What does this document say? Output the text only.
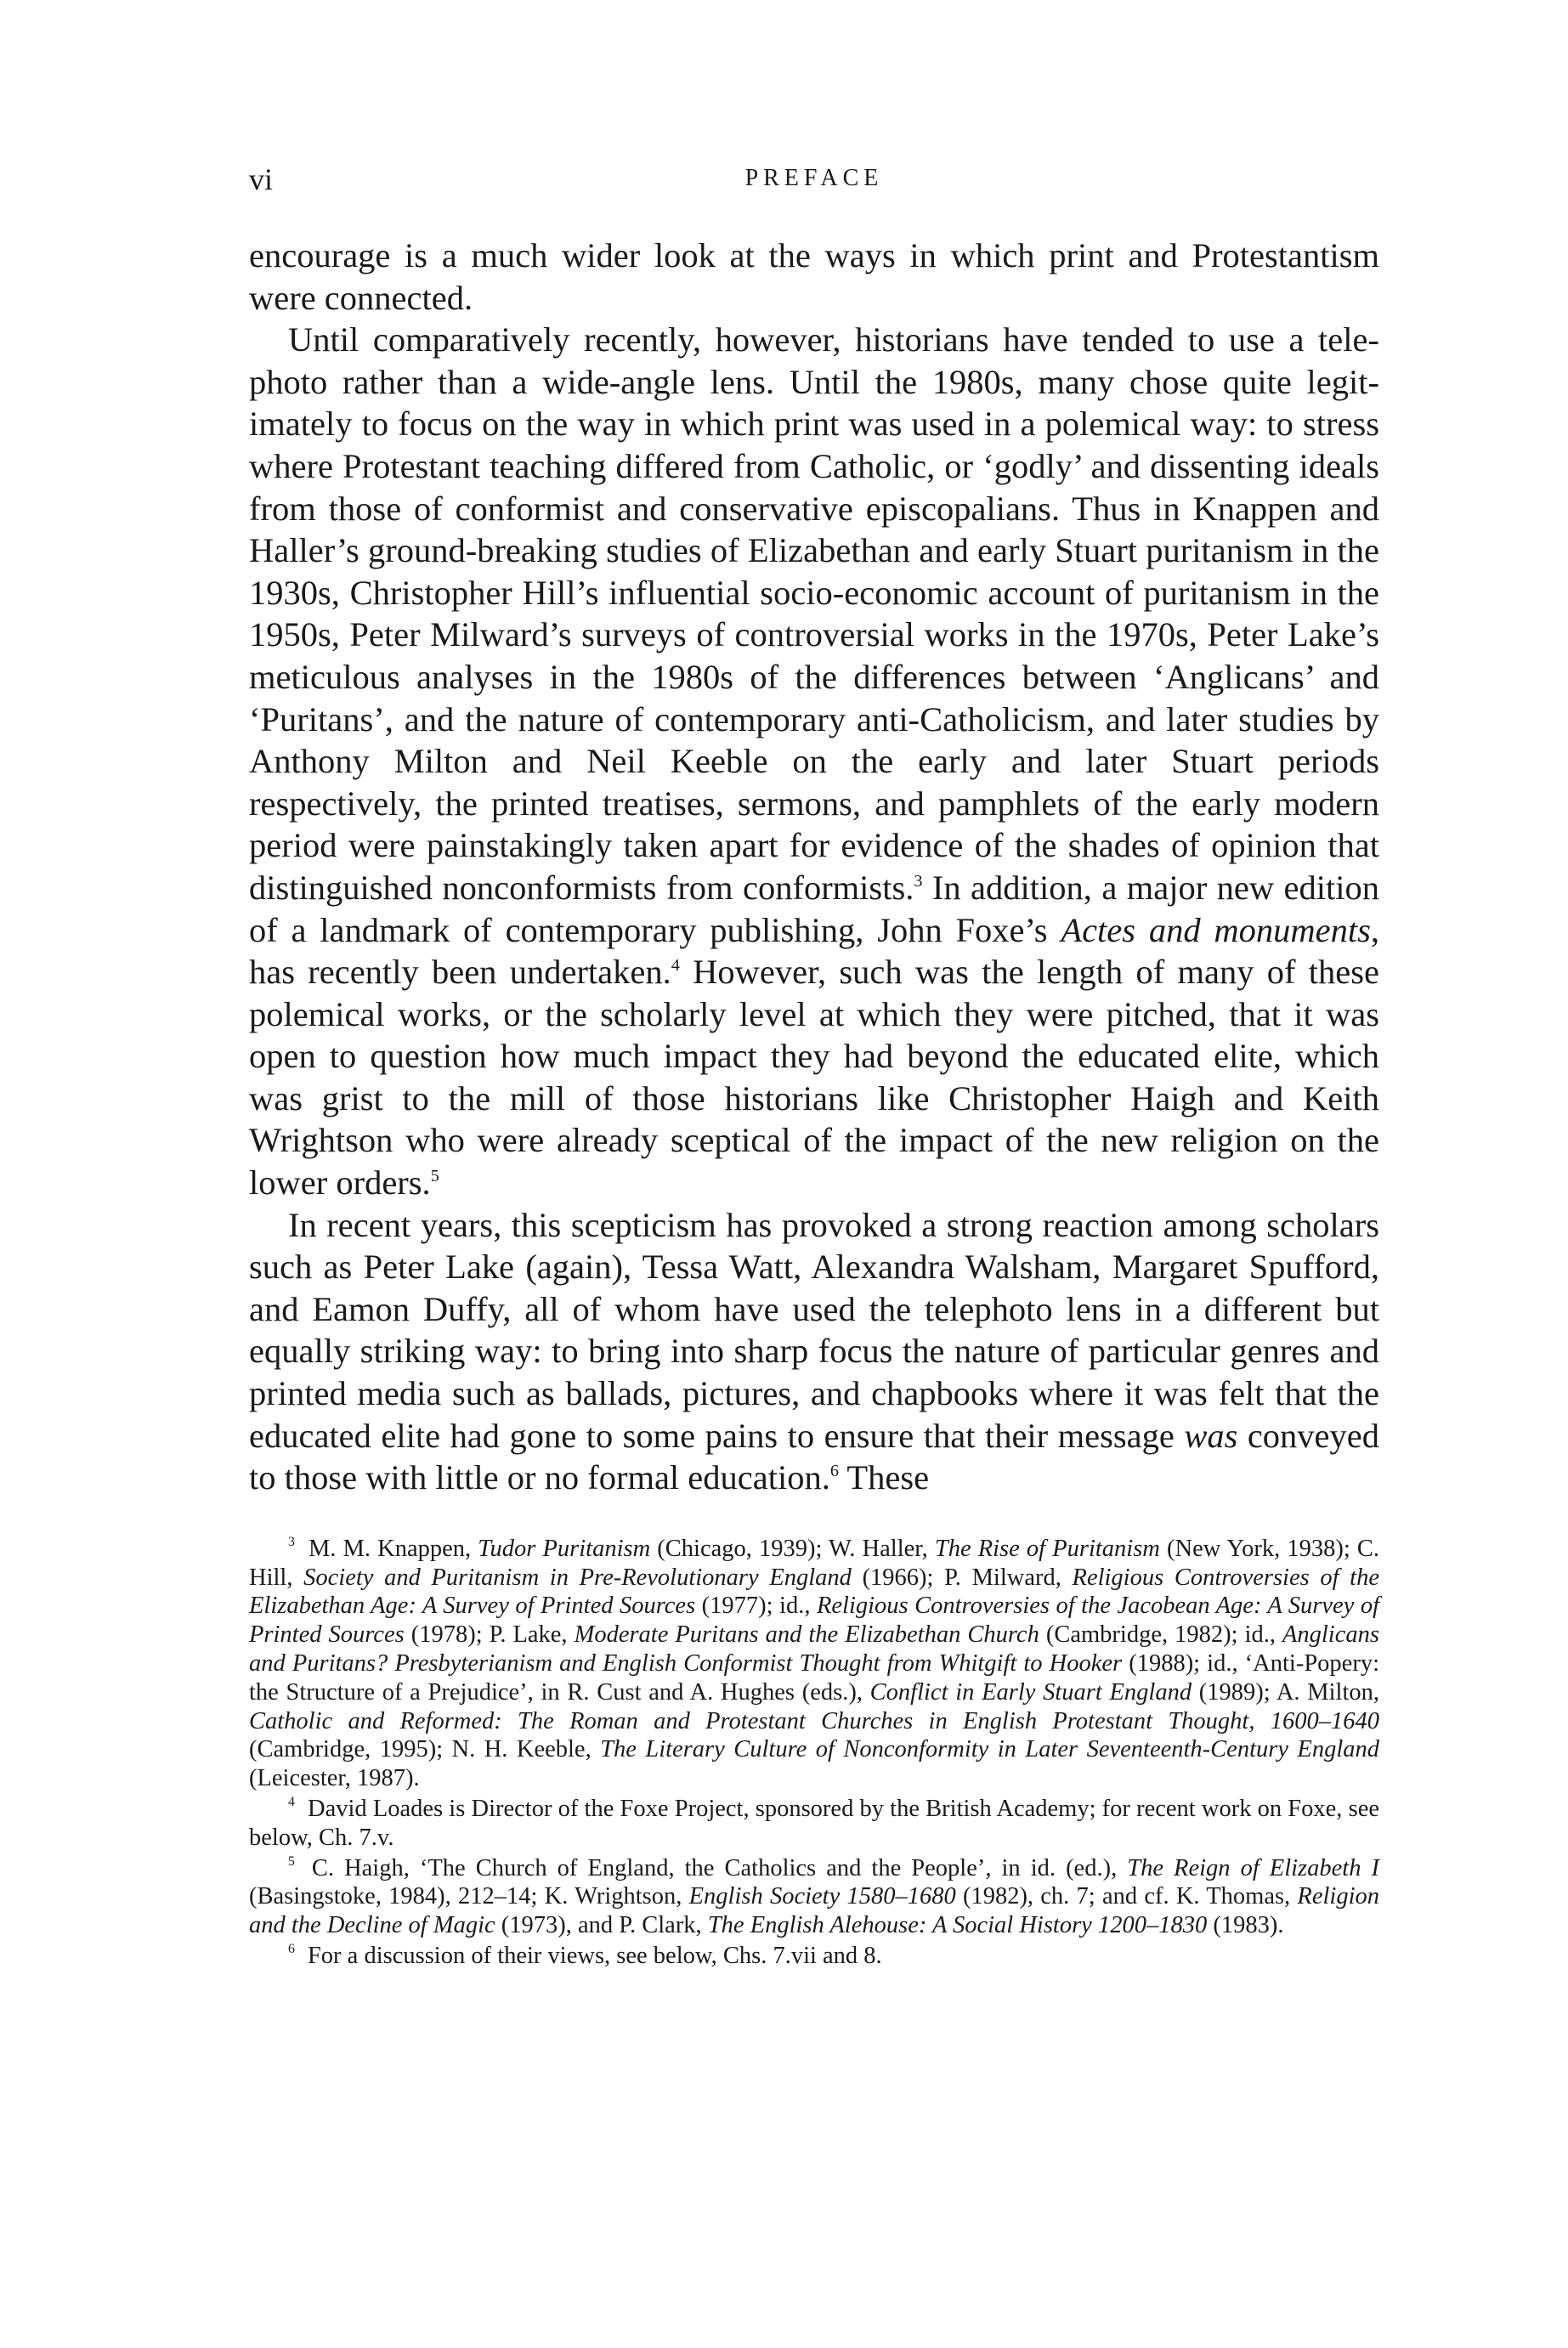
vi	PREFACE

encourage is a much wider look at the ways in which print and Protestantism were connected.

Until comparatively recently, however, historians have tended to use a telephoto rather than a wide-angle lens. Until the 1980s, many chose quite legitimately to focus on the way in which print was used in a polemical way: to stress where Protestant teaching differed from Catholic, or ‘godly’ and dissenting ideals from those of conformist and conservative episcopalians. Thus in Knappen and Haller’s ground-breaking studies of Elizabethan and early Stuart puritanism in the 1930s, Christopher Hill’s influential socio-economic account of puritanism in the 1950s, Peter Milward’s surveys of controversial works in the 1970s, Peter Lake’s meticulous analyses in the 1980s of the differences between ‘Anglicans’ and ‘Puritans’, and the nature of contemporary anti-Catholicism, and later studies by Anthony Milton and Neil Keeble on the early and later Stuart periods respectively, the printed treatises, sermons, and pamphlets of the early modern period were painstakingly taken apart for evidence of the shades of opinion that distinguished nonconformists from conformists.$^3$ In addition, a major new edition of a landmark of contemporary publishing, John Foxe’s Actes and monuments, has recently been undertaken.$^4$ However, such was the length of many of these polemical works, or the scholarly level at which they were pitched, that it was open to question how much impact they had beyond the educated elite, which was grist to the mill of those historians like Christopher Haigh and Keith Wrightson who were already sceptical of the impact of the new religion on the lower orders.$^5$

In recent years, this scepticism has provoked a strong reaction among scholars such as Peter Lake (again), Tessa Watt, Alexandra Walsham, Margaret Spufford, and Eamon Duffy, all of whom have used the telephoto lens in a different but equally striking way: to bring into sharp focus the nature of particular genres and printed media such as ballads, pictures, and chapbooks where it was felt that the educated elite had gone to some pains to ensure that their message was conveyed to those with little or no formal education.$^6$ These

$^3$ M. M. Knappen, Tudor Puritanism (Chicago, 1939); W. Haller, The Rise of Puritanism (New York, 1938); C. Hill, Society and Puritanism in Pre-Revolutionary England (1966); P. Milward, Religious Controversies of the Elizabethan Age: A Survey of Printed Sources (1977); id., Religious Controversies of the Jacobean Age: A Survey of Printed Sources (1978); P. Lake, Moderate Puritans and the Elizabethan Church (Cambridge, 1982); id., Anglicans and Puritans? Presbyterianism and English Conformist Thought from Whitgift to Hooker (1988); id., ‘Anti-Popery: the Structure of a Prejudice’, in R. Cust and A. Hughes (eds.), Conflict in Early Stuart England (1989); A. Milton, Catholic and Reformed: The Roman and Protestant Churches in English Protestant Thought, 1600–1640 (Cambridge, 1995); N. H. Keeble, The Literary Culture of Nonconformity in Later Seventeenth-Century England (Leicester, 1987).

$^4$ David Loades is Director of the Foxe Project, sponsored by the British Academy; for recent work on Foxe, see below, Ch. 7.v.

$^5$ C. Haigh, ‘The Church of England, the Catholics and the People’, in id. (ed.), The Reign of Elizabeth I (Basingstoke, 1984), 212–14; K. Wrightson, English Society 1580–1680 (1982), ch. 7; and cf. K. Thomas, Religion and the Decline of Magic (1973), and P. Clark, The English Alehouse: A Social History 1200–1830 (1983).

$^6$ For a discussion of their views, see below, Chs. 7.vii and 8.
